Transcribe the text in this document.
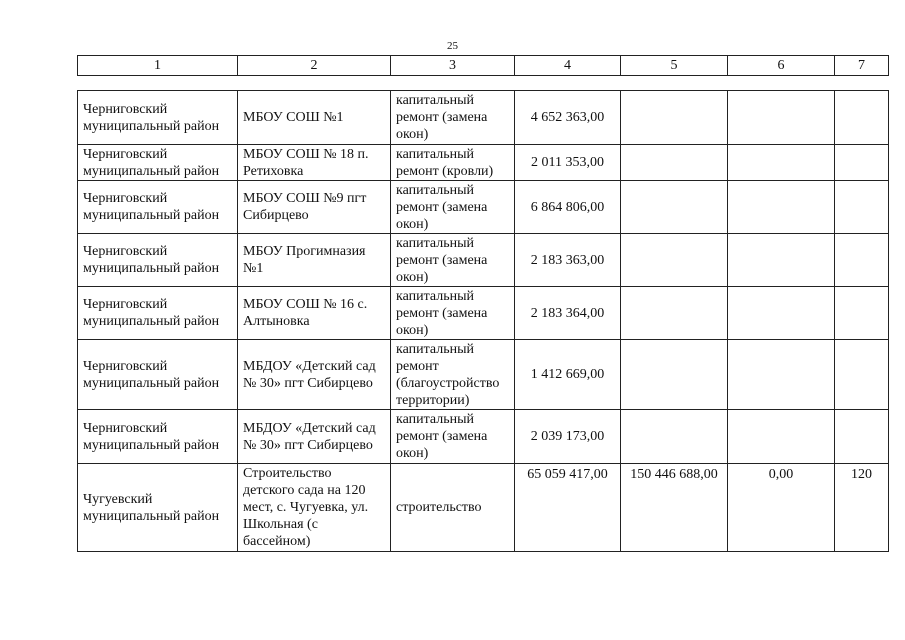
25
1	2	3	4	5	6	7
Черниговский муниципальный район	МБОУ СОШ №1	капитальный ремонт (замена окон)	4 652 363,00			
Черниговский муниципальный район	МБОУ СОШ № 18 п. Ретиховка	капитальный ремонт (кровли)	2 011 353,00			
Черниговский муниципальный район	МБОУ СОШ №9 пгт Сибирцево	капитальный ремонт (замена окон)	6 864 806,00			
Черниговский муниципальный район	МБОУ Прогимназия №1	капитальный ремонт (замена окон)	2 183 363,00			
Черниговский муниципальный район	МБОУ СОШ № 16 с. Алтыновка	капитальный ремонт (замена окон)	2 183 364,00			
Черниговский муниципальный район	МБДОУ «Детский сад № 30» пгт Сибирцево	капитальный ремонт (благоустройство территории)	1 412 669,00			
Черниговский муниципальный район	МБДОУ «Детский сад № 30» пгт Сибирцево	капитальный ремонт (замена окон)	2 039 173,00			
Чугуевский муниципальный район	Строительство детского сада на 120 мест, с. Чугуевка, ул. Школьная (с бассейном)	строительство	65 059 417,00	150 446 688,00	0,00	120
